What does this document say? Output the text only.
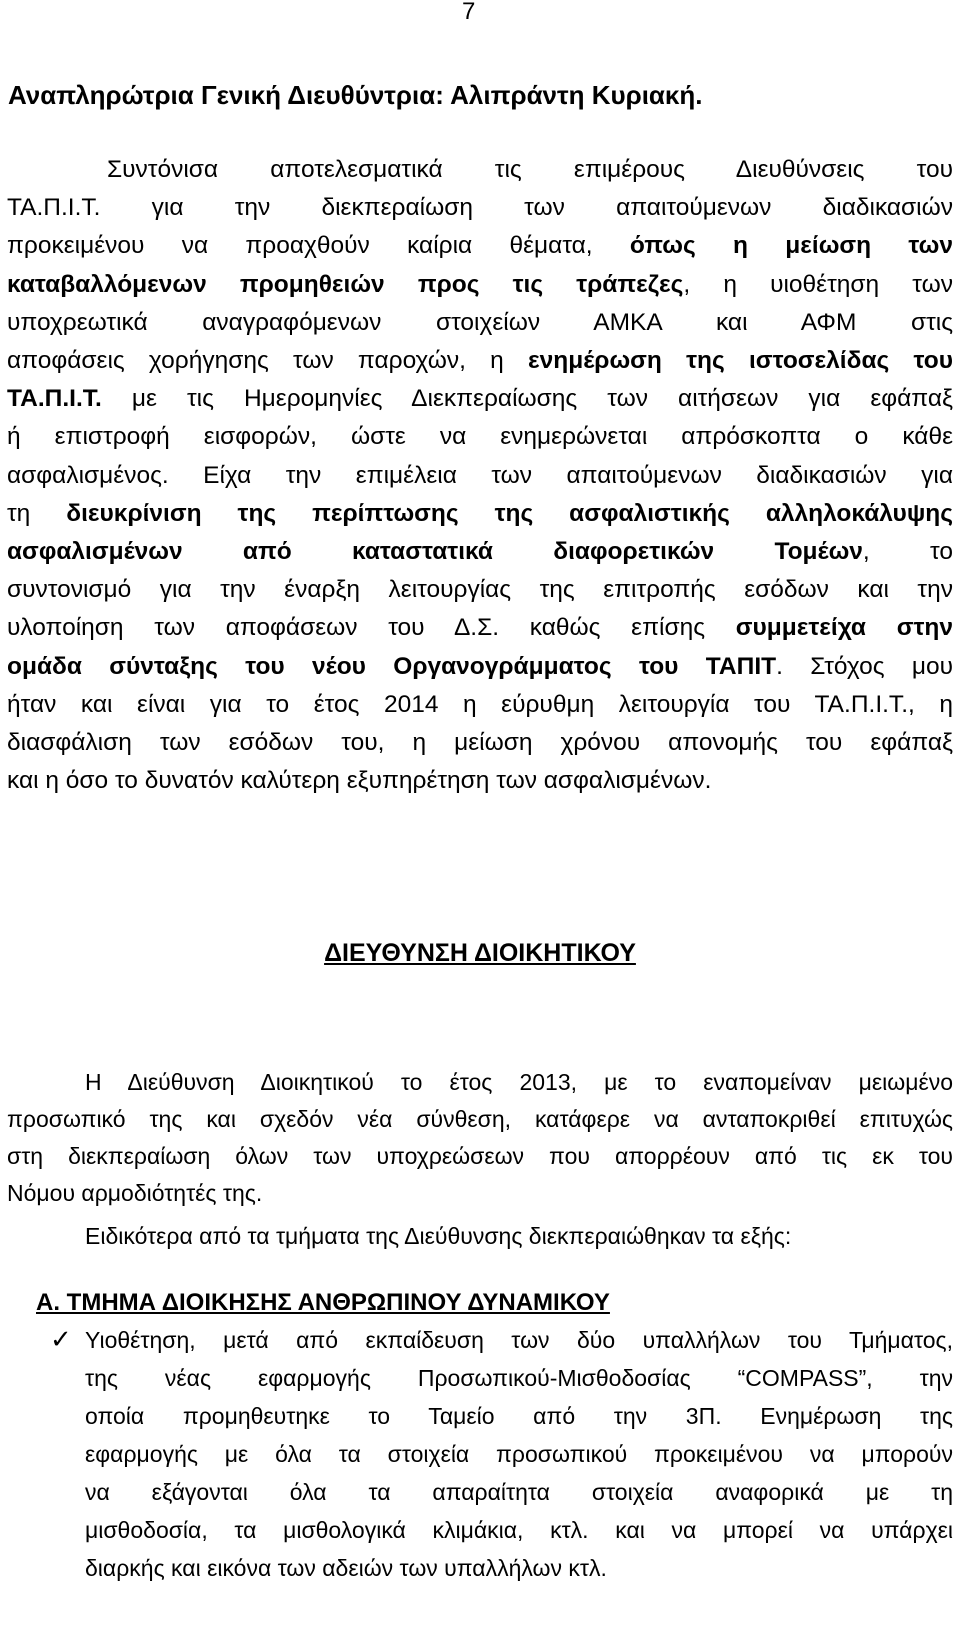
7
Αναπληρώτρια Γενική Διευθύντρια: Αλιπράντη Κυριακή.
Συντόνισα αποτελεσματικά τις επιμέρους Διευθύνσεις του
ΤΑ.Π.Ι.Τ. για την διεκπεραίωση των απαιτούμενων διαδικασιών
προκειμένου να προαχθούν καίρια θέματα, όπως η μείωση των
καταβαλλόμενων προμηθειών προς τις τράπεζες, η υιοθέτηση των
υποχρεωτικά αναγραφόμενων στοιχείων ΑΜΚΑ και ΑΦΜ στις
αποφάσεις χορήγησης των παροχών, η ενημέρωση της ιστοσελίδας του
ΤΑ.Π.Ι.Τ. με τις Ημερομηνίες Διεκπεραίωσης των αιτήσεων για εφάπαξ
ή επιστροφή εισφορών, ώστε να ενημερώνεται απρόσκοπτα ο κάθε
ασφαλισμένος. Είχα την επιμέλεια των απαιτούμενων διαδικασιών για
τη διευκρίνιση της περίπτωσης της ασφαλιστικής αλληλοκάλυψης
ασφαλισμένων από καταστατικά διαφορετικών Τομέων, το
συντονισμό για την έναρξη λειτουργίας της επιτροπής εσόδων και την
υλοποίηση των αποφάσεων του Δ.Σ. καθώς επίσης συμμετείχα στην
ομάδα σύνταξης του νέου Οργανογράμματος του ΤΑΠΙΤ. Στόχος μου
ήταν και είναι για το έτος 2014 η εύρυθμη λειτουργία του ΤΑ.Π.Ι.Τ., η
διασφάλιση των εσόδων του, η μείωση χρόνου απονομής του εφάπαξ
και η όσο το δυνατόν καλύτερη εξυπηρέτηση των ασφαλισμένων.
ΔΙΕΥΘΥΝΣΗ ΔΙΟΙΚΗΤΙΚΟΥ
Η Διεύθυνση Διοικητικού το έτος 2013, με το εναπομείναν μειωμένο
προσωπικό της και σχεδόν νέα σύνθεση, κατάφερε να ανταποκριθεί επιτυχώς
στη διεκπεραίωση όλων των υποχρεώσεων που απορρέουν από τις εκ του
Νόμου αρμοδιότητές της.
Ειδικότερα από τα τμήματα της Διεύθυνσης διεκπεραιώθηκαν τα εξής:
Α. ΤΜΗΜΑ ΔΙΟΙΚΗΣΗΣ ΑΝΘΡΩΠΙΝΟΥ ΔΥΝΑΜΙΚΟΥ
✓ Υιοθέτηση, μετά από εκπαίδευση των δύο υπαλλήλων του Τμήματος,
της νέας εφαρμογής Προσωπικού-Μισθοδοσίας “COMPASS”, την
οποία προμηθευτηκε το Ταμείο από την 3Π. Ενημέρωση της
εφαρμογής με όλα τα στοιχεία προσωπικού προκειμένου να μπορούν
να εξάγονται όλα τα απαραίτητα στοιχεία αναφορικά με τη
μισθοδοσία, τα μισθολογικά κλιμάκια, κτλ. και να μπορεί να υπάρχει
διαρκής και εικόνα των αδειών των υπαλλήλων κτλ.
